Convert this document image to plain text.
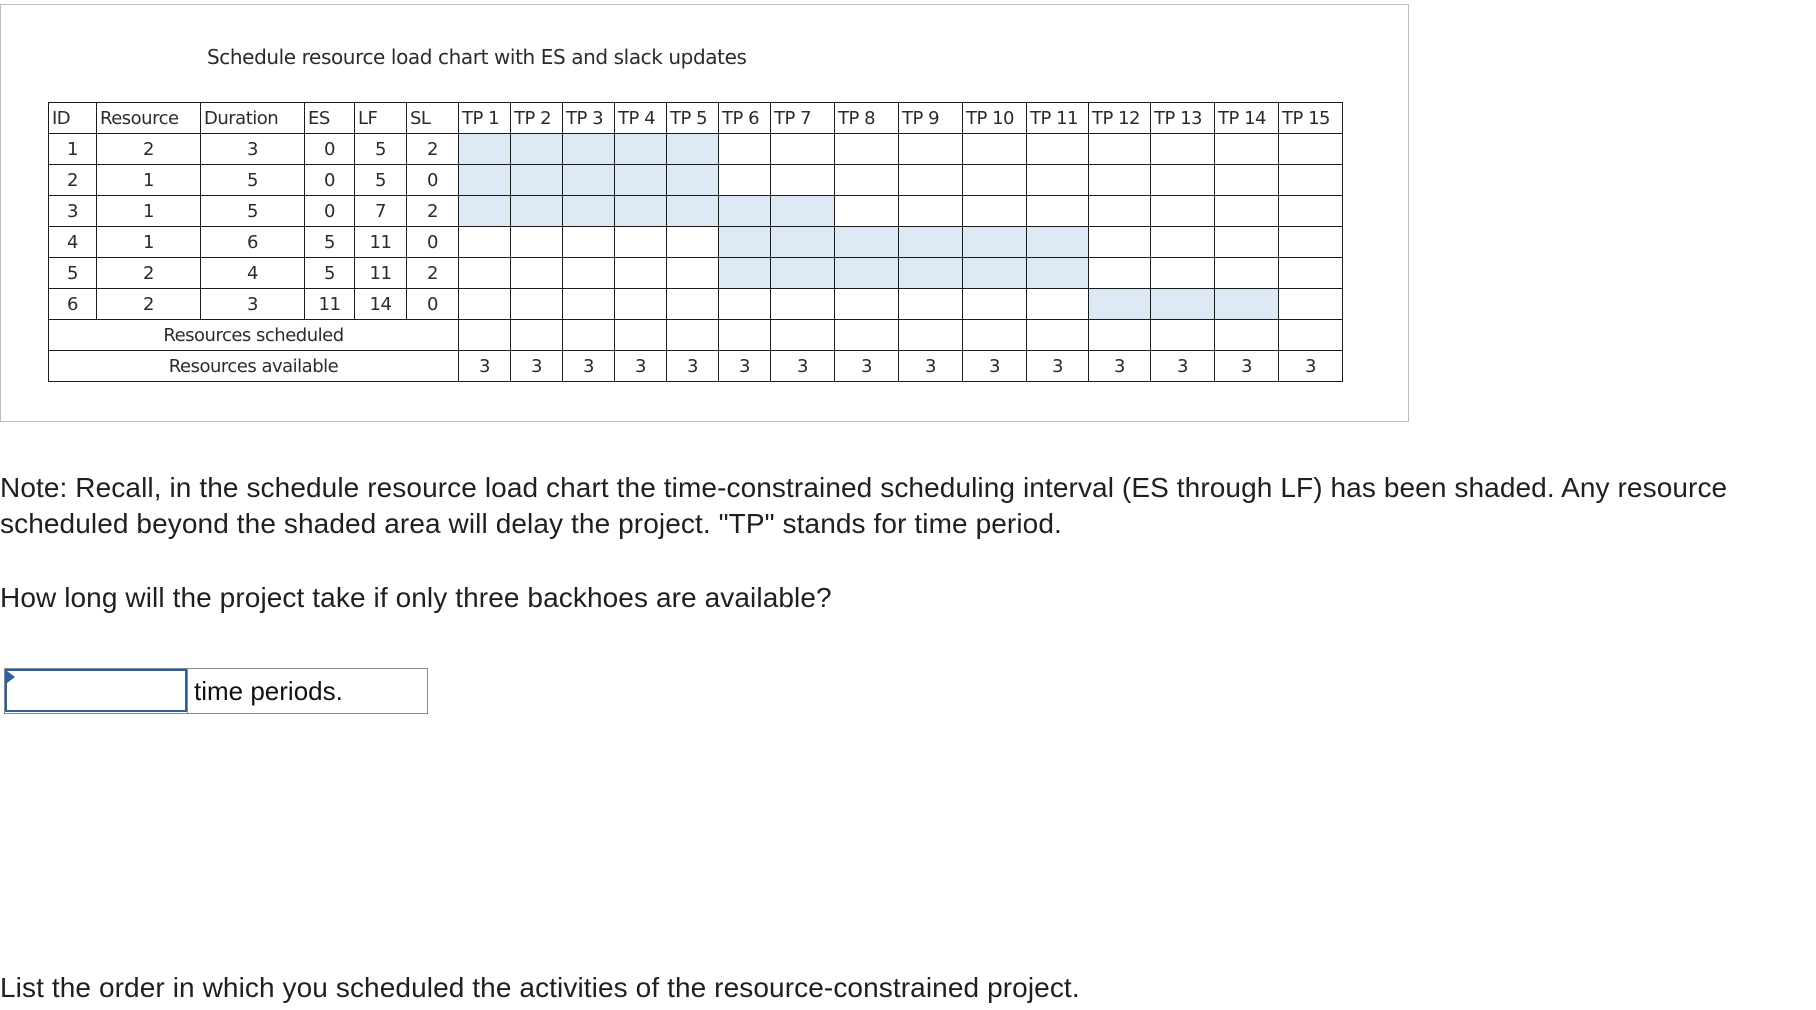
Schedule resource load chart with ES and slack updates
ID	Resource	Duration	ES	LF	SL	TP 1	TP 2	TP 3	TP 4	TP 5	TP 6	TP 7	TP 8	TP 9	TP 10	TP 11	TP 12	TP 13	TP 14	TP 15
1	2	3	0	5	2															
2	1	5	0	5	0															
3	1	5	0	7	2															
4	1	6	5	11	0															
5	2	4	5	11	2															
6	2	3	11	14	0															
Resources scheduled																				
Resources available						3	3	3	3	3	3	3	3	3	3	3	3	3	3	3

Note: Recall, in the schedule resource load chart the time-constrained scheduling interval (ES through LF) has been shaded. Any resource scheduled beyond the shaded area will delay the project. "TP" stands for time period.

How long will the project take if only three backhoes are available?

time periods.

List the order in which you scheduled the activities of the resource-constrained project.
